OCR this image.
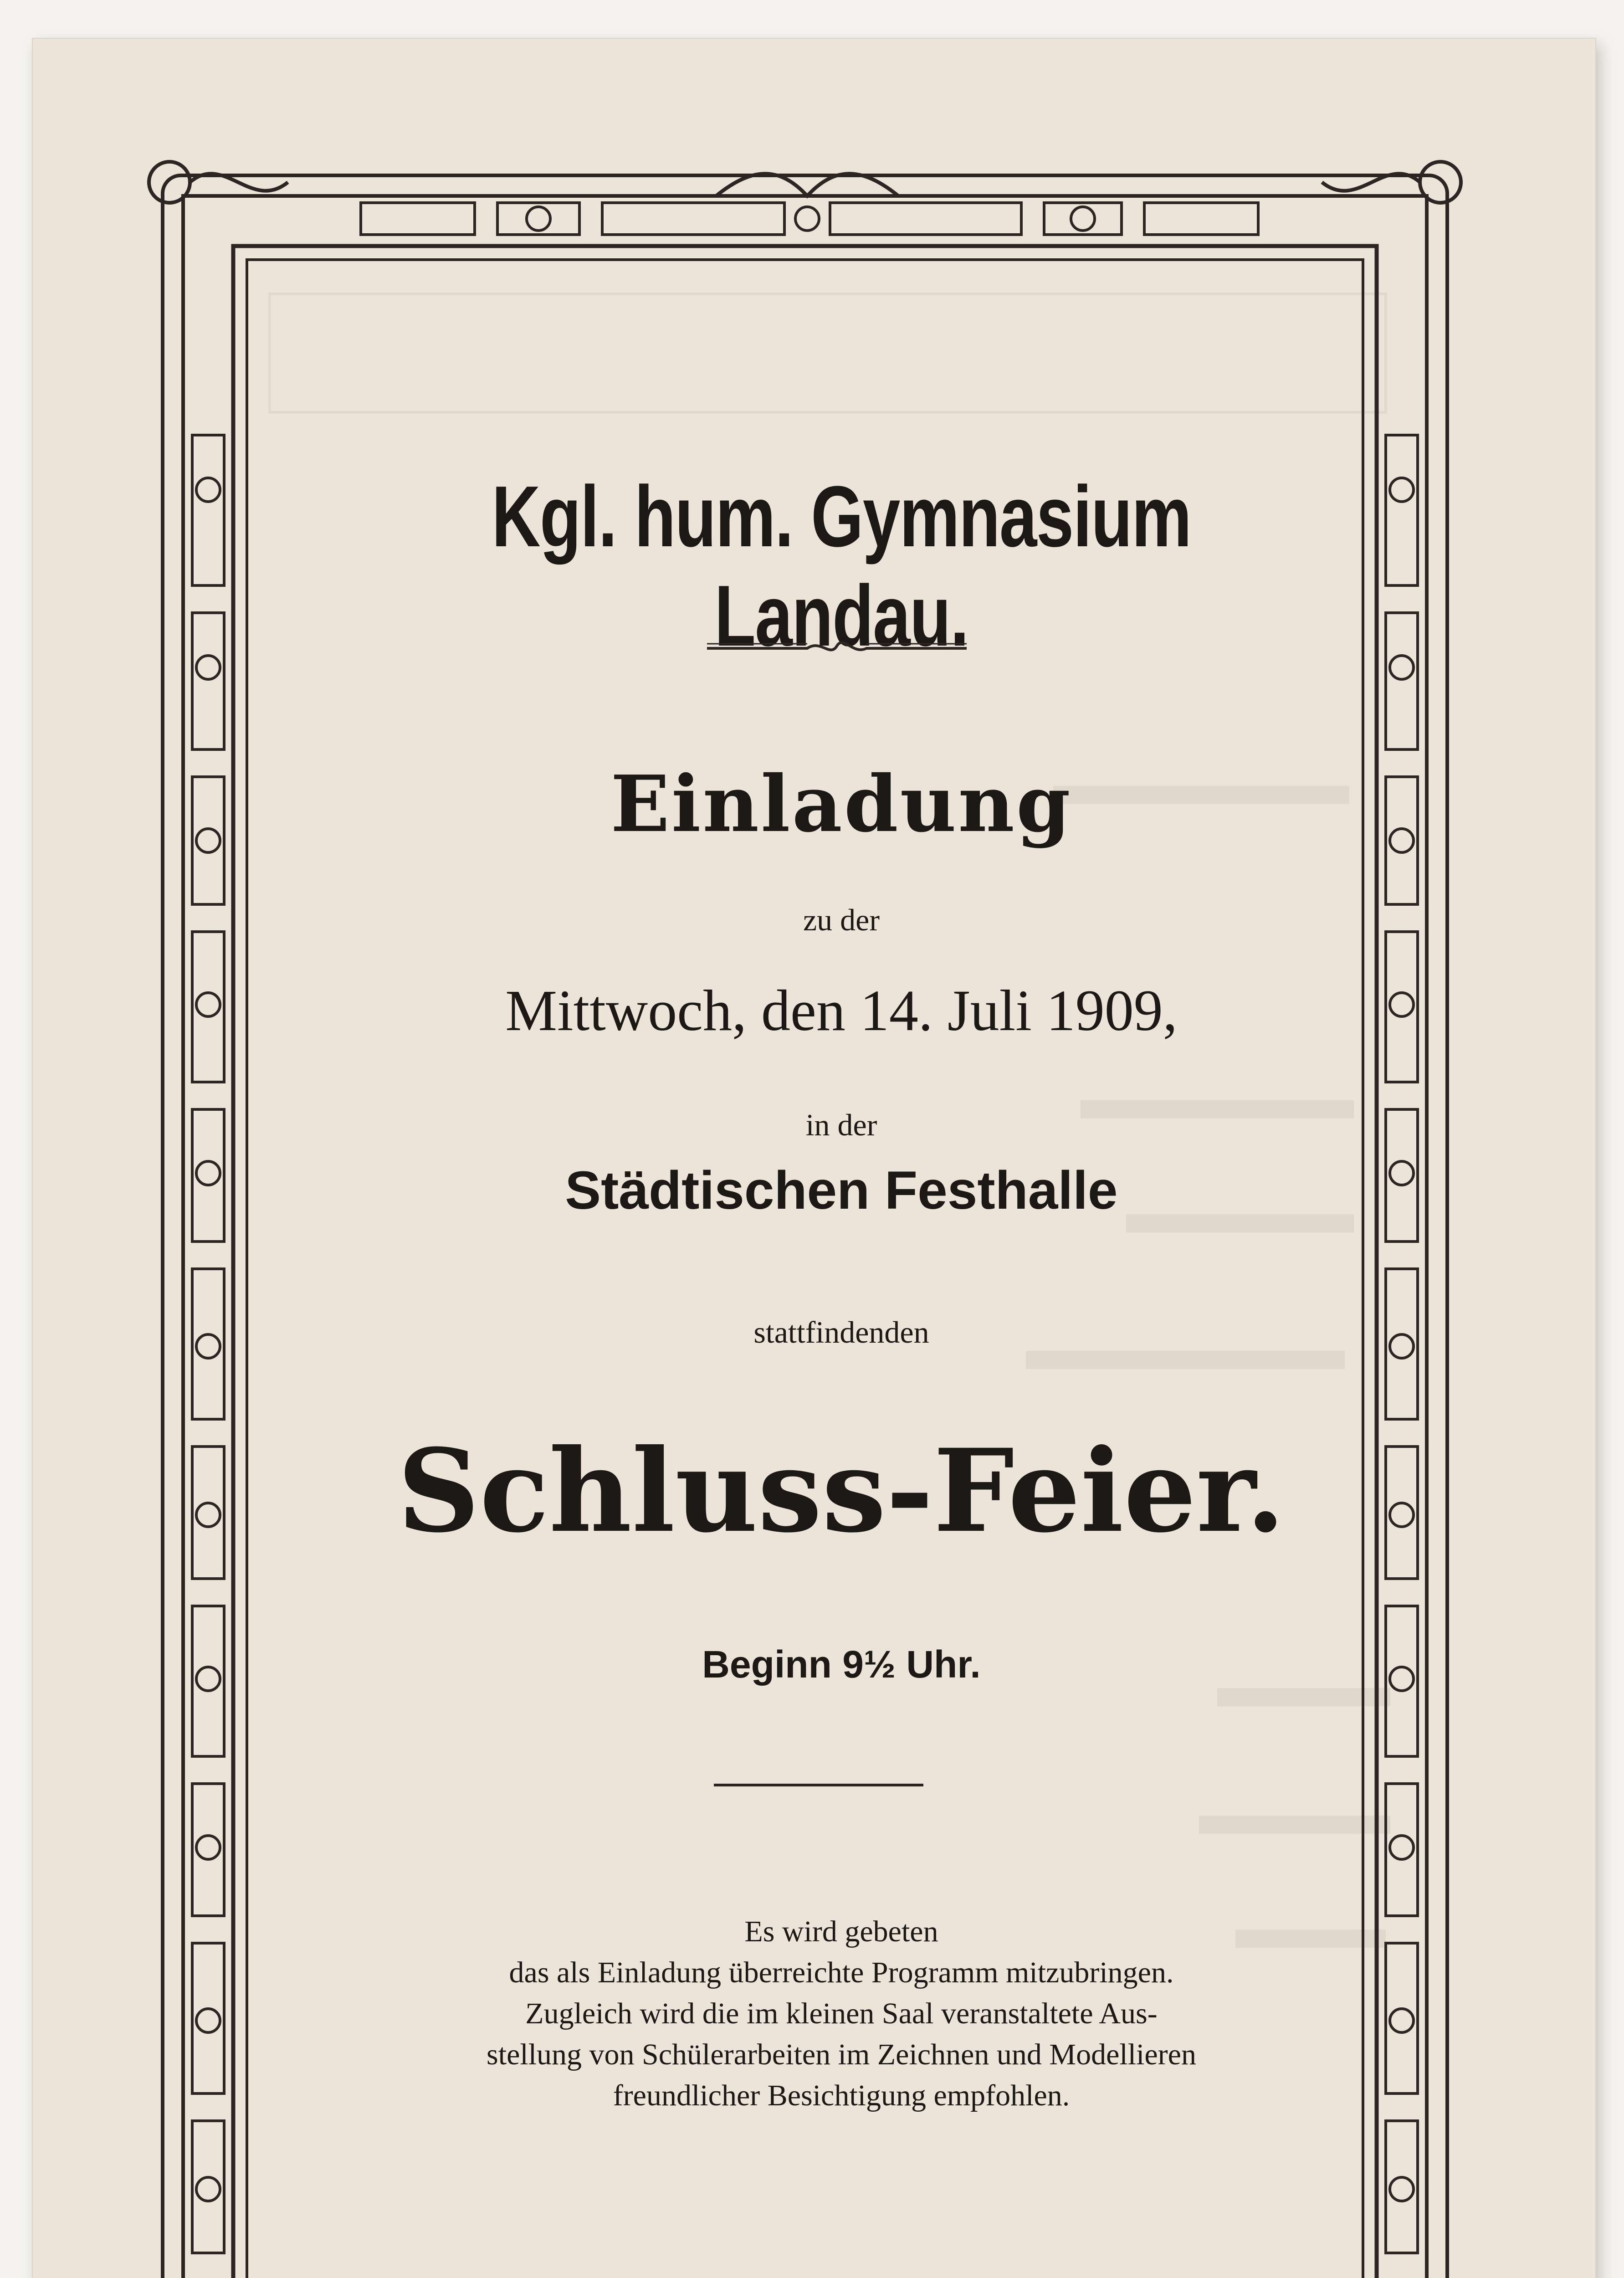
Kgl. hum. Gymnasium Landau.
Einladung
zu der
Mittwoch, den 14. Juli 1909,
in der
Städtischen Festhalle
stattfindenden
Schluss-Feier.
Beginn 9½ Uhr.
Es wird gebeten
das als Einladung überreichte Programm mitzubringen.
Zugleich wird die im kleinen Saal veranstaltete Aus-
stellung von Schülerarbeiten im Zeichnen und Modellieren
freundlicher Besichtigung empfohlen.
